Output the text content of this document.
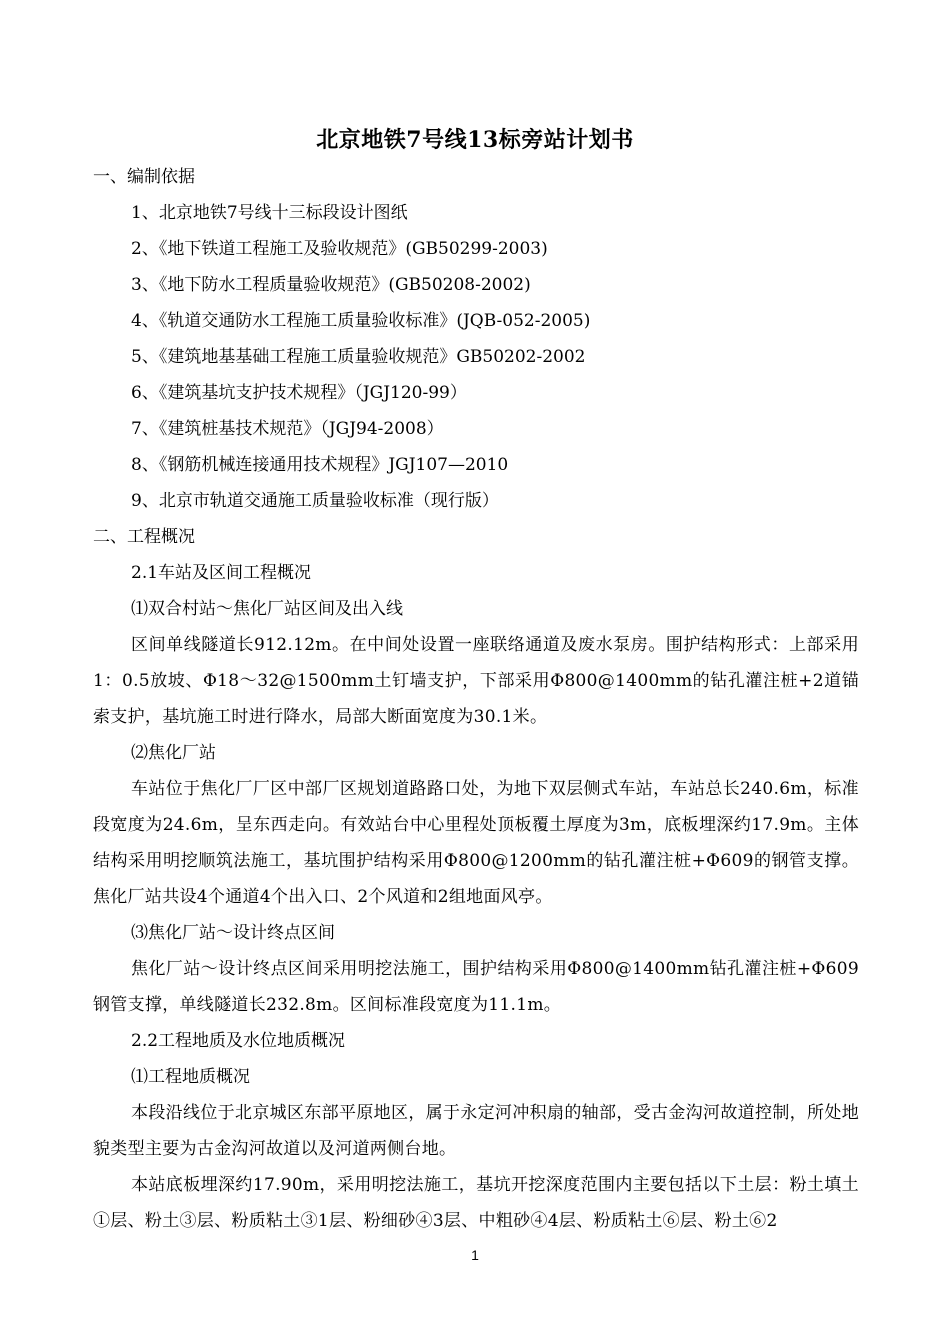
北京地铁7号线13标旁站计划书
一、编制依据
1、北京地铁7号线十三标段设计图纸
2、《地下铁道工程施工及验收规范》(GB50299-2003)
3、《地下防水工程质量验收规范》(GB50208-2002)
4、《轨道交通防水工程施工质量验收标准》(JQB-052-2005)
5、《建筑地基基础工程施工质量验收规范》GB50202-2002
6、《建筑基坑支护技术规程》（JGJ120-99）
7、《建筑桩基技术规范》（JGJ94-2008）
8、《钢筋机械连接通用技术规程》JGJ107—2010
9、北京市轨道交通施工质量验收标准（现行版）
二、工程概况
2.1车站及区间工程概况
⑴双合村站～焦化厂站区间及出入线
区间单线隧道长912.12m。在中间处设置一座联络通道及废水泵房。围护结构形式：上部采用1：0.5放坡、Φ18～32@1500mm土钉墙支护，下部采用Φ800@1400mm的钻孔灌注桩+2道锚索支护，基坑施工时进行降水，局部大断面宽度为30.1米。
⑵焦化厂站
车站位于焦化厂厂区中部厂区规划道路路口处，为地下双层侧式车站，车站总长240.6m，标准段宽度为24.6m，呈东西走向。有效站台中心里程处顶板覆土厚度为3m，底板埋深约17.9m。主体结构采用明挖顺筑法施工，基坑围护结构采用Φ800@1200mm的钻孔灌注桩+Φ609的钢管支撑。焦化厂站共设4个通道4个出入口、2个风道和2组地面风亭。
⑶焦化厂站～设计终点区间
焦化厂站～设计终点区间采用明挖法施工，围护结构采用Φ800@1400mm钻孔灌注桩+Φ609钢管支撑，单线隧道长232.8m。区间标准段宽度为11.1m。
2.2工程地质及水位地质概况
⑴工程地质概况
本段沿线位于北京城区东部平原地区，属于永定河冲积扇的轴部，受古金沟河故道控制，所处地貌类型主要为古金沟河故道以及河道两侧台地。
本站底板埋深约17.90m，采用明挖法施工，基坑开挖深度范围内主要包括以下土层：粉土填土①层、粉土③层、粉质粘土③1层、粉细砂④3层、中粗砂④4层、粉质粘土⑥层、粉土⑥2
1
